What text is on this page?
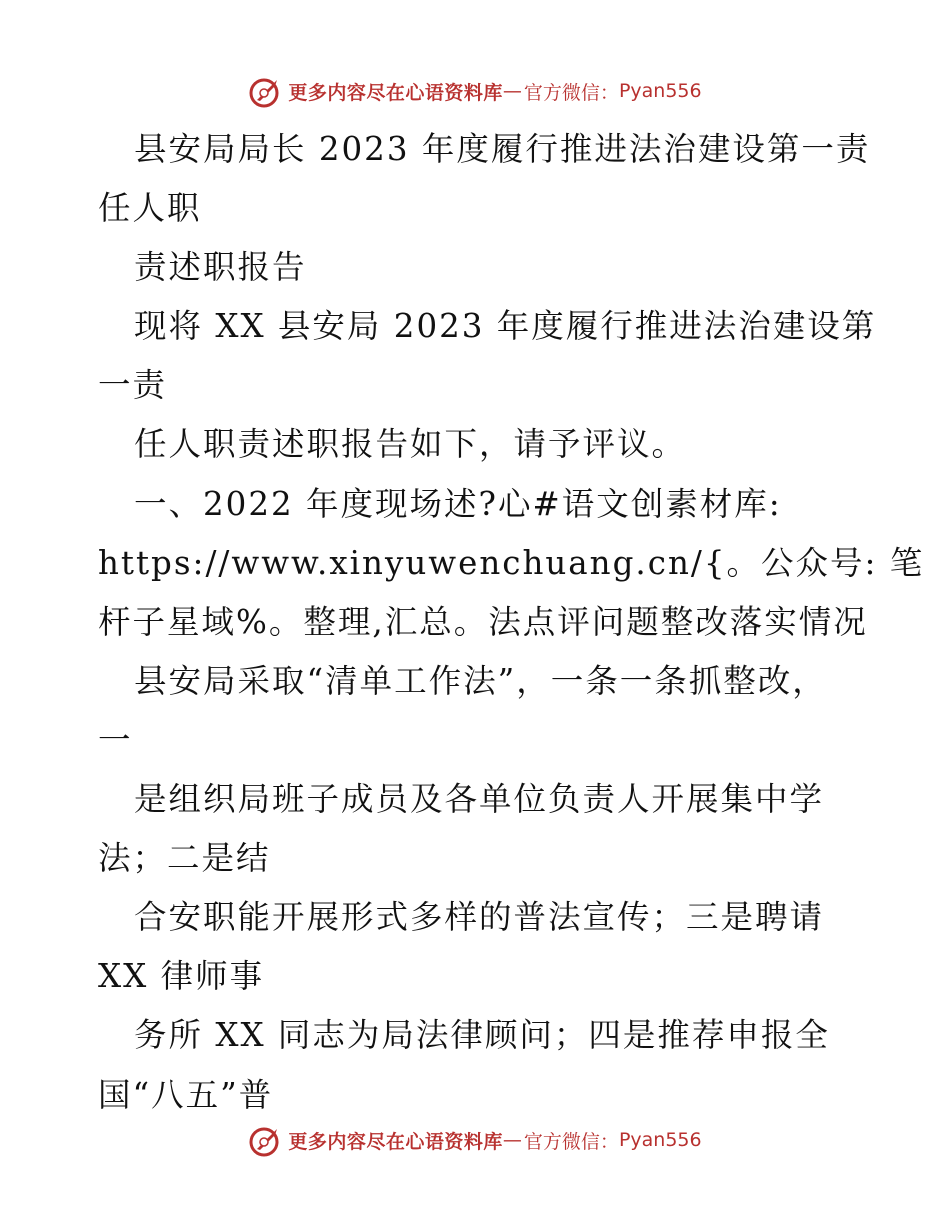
更多内容尽在心语资料库 — 官方微信： Pyan556
县安局局长 2023 年度履行推进法治建设第一责
任人职
责述职报告
现将 XX 县安局 2023 年度履行推进法治建设第
一责
任人职责述职报告如下，请予评议。
一、2022 年度现场述?心#语文创素材库:
https://www.xinyuwenchuang.cn/{。公众号: 笔
杆子星域%。整理,汇总。法点评问题整改落实情况
县安局采取“清单工作法”，一条一条抓整改，
一
是组织局班子成员及各单位负责人开展集中学
法；二是结
合安职能开展形式多样的普法宣传；三是聘请
XX 律师事
务所 XX 同志为局法律顾问；四是推荐申报全
国“八五”普
更多内容尽在心语资料库 — 官方微信： Pyan556
